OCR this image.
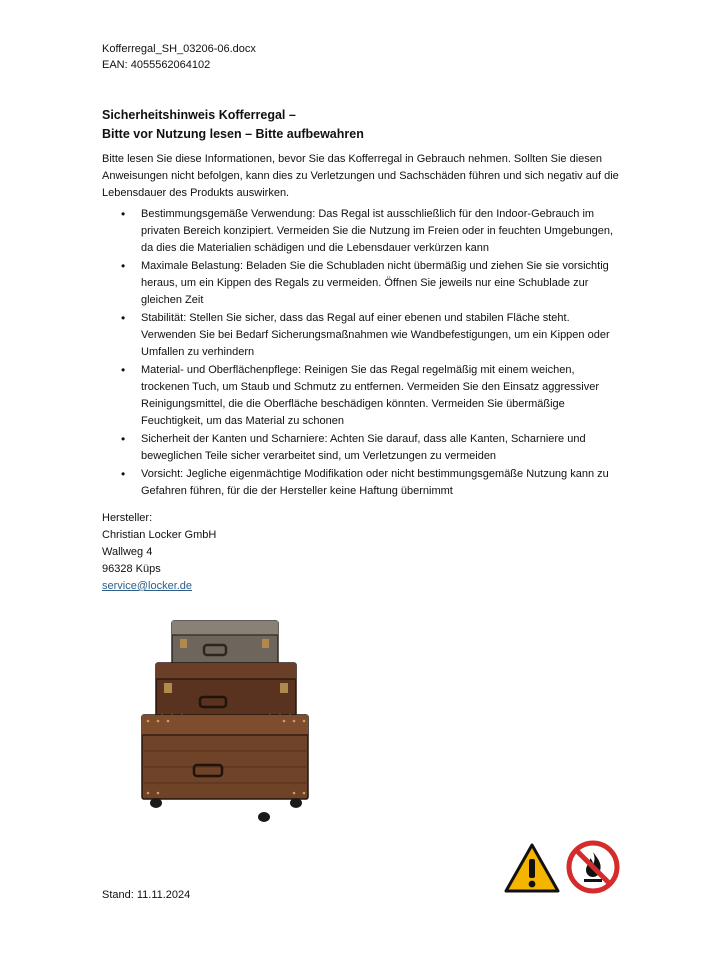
Kofferregal_SH_03206-06.docx
EAN: 4055562064102
Sicherheitshinweis Kofferregal –
Bitte vor Nutzung lesen – Bitte aufbewahren
Bitte lesen Sie diese Informationen, bevor Sie das Kofferregal in Gebrauch nehmen. Sollten Sie diesen Anweisungen nicht befolgen, kann dies zu Verletzungen und Sachschäden führen und sich negativ auf die Lebensdauer des Produkts auswirken.
• Bestimmungsgemäße Verwendung: Das Regal ist ausschließlich für den Indoor-Gebrauch im privaten Bereich konzipiert. Vermeiden Sie die Nutzung im Freien oder in feuchten Umgebungen, da dies die Materialien schädigen und die Lebensdauer verkürzen kann
• Maximale Belastung: Beladen Sie die Schubladen nicht übermäßig und ziehen Sie sie vorsichtig heraus, um ein Kippen des Regals zu vermeiden. Öffnen Sie jeweils nur eine Schublade zur gleichen Zeit
• Stabilität: Stellen Sie sicher, dass das Regal auf einer ebenen und stabilen Fläche steht. Verwenden Sie bei Bedarf Sicherungsmaßnahmen wie Wandbefestigungen, um ein Kippen oder Umfallen zu verhindern
• Material- und Oberflächenpflege: Reinigen Sie das Regal regelmäßig mit einem weichen, trockenen Tuch, um Staub und Schmutz zu entfernen. Vermeiden Sie den Einsatz aggressiver Reinigungsmittel, die die Oberfläche beschädigen könnten. Vermeiden Sie übermäßige Feuchtigkeit, um das Material zu schonen
• Sicherheit der Kanten und Scharniere: Achten Sie darauf, dass alle Kanten, Scharniere und beweglichen Teile sicher verarbeitet sind, um Verletzungen zu vermeiden
• Vorsicht: Jegliche eigenmächtige Modifikation oder nicht bestimmungsgemäße Nutzung kann zu Gefahren führen, für die der Hersteller keine Haftung übernimmt
Hersteller:
Christian Locker GmbH
Wallweg 4
96328 Küps
service@locker.de
Stand: 11.11.2024
